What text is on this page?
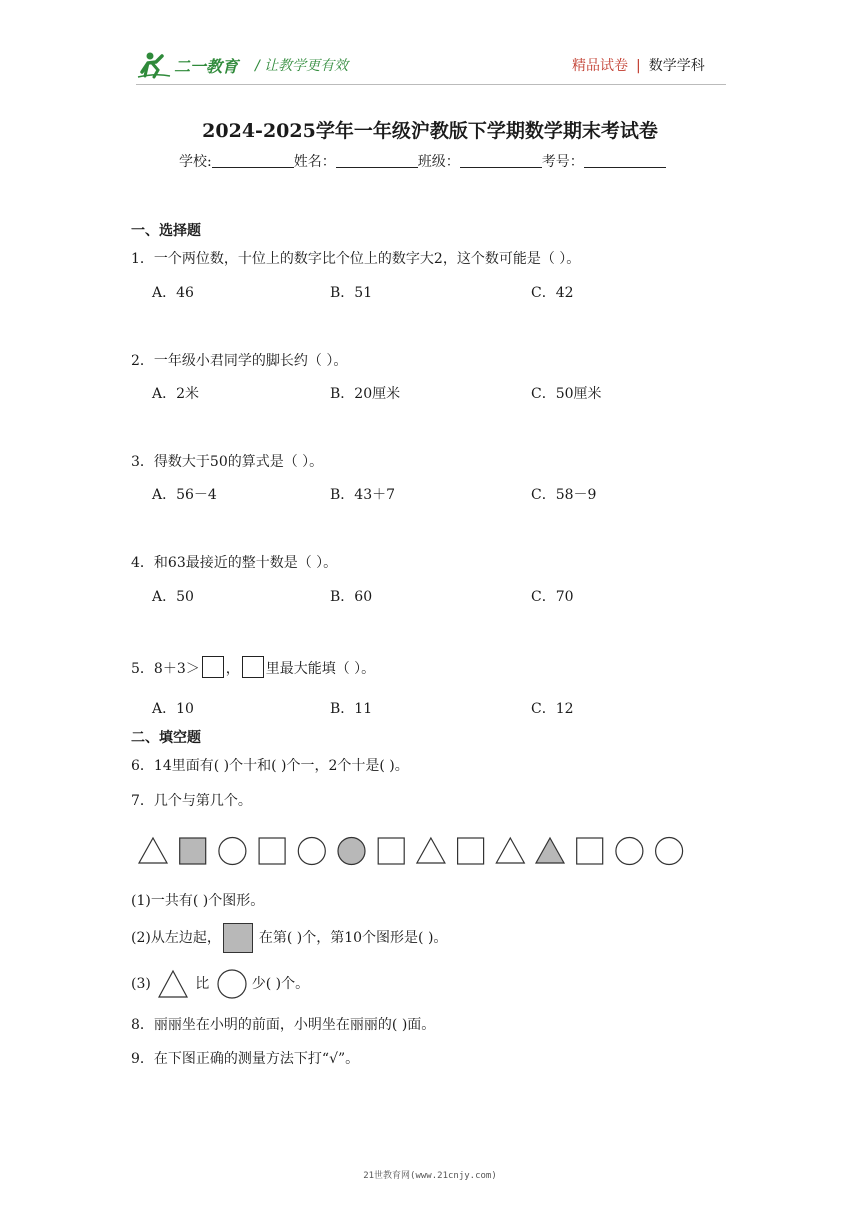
二一教育 / 让教学更有效	精品试卷 | 数学学科
2024-2025学年一年级沪教版下学期数学期末考试卷
学校:	姓名：	班级：	考号：
一、选择题
1．一个两位数，十位上的数字比个位上的数字大2，这个数可能是（ ）。
A．46	B．51	C．42
2．一年级小君同学的脚长约（ ）。
A．2米	B．20厘米	C．50厘米
3．得数大于50的算式是（ ）。
A．56－4	B．43＋7	C．58－9
4．和63最接近的整十数是（ ）。
A．50	B．60	C．70
5．8＋3＞ ， 里最大能填（ ）。
A．10	B．11	C．12
二、填空题
6．14里面有( )个十和( )个一，2个十是( )。
7．几个与第几个。
(1)一共有( )个图形。
(2)从左边起，	在第( )个，第10个图形是( )。
(3)	比	少( )个。
8．丽丽坐在小明的前面，小明坐在丽丽的( )面。
9．在下图正确的测量方法下打“√”。
21世教育网(www.21cnjy.com)
